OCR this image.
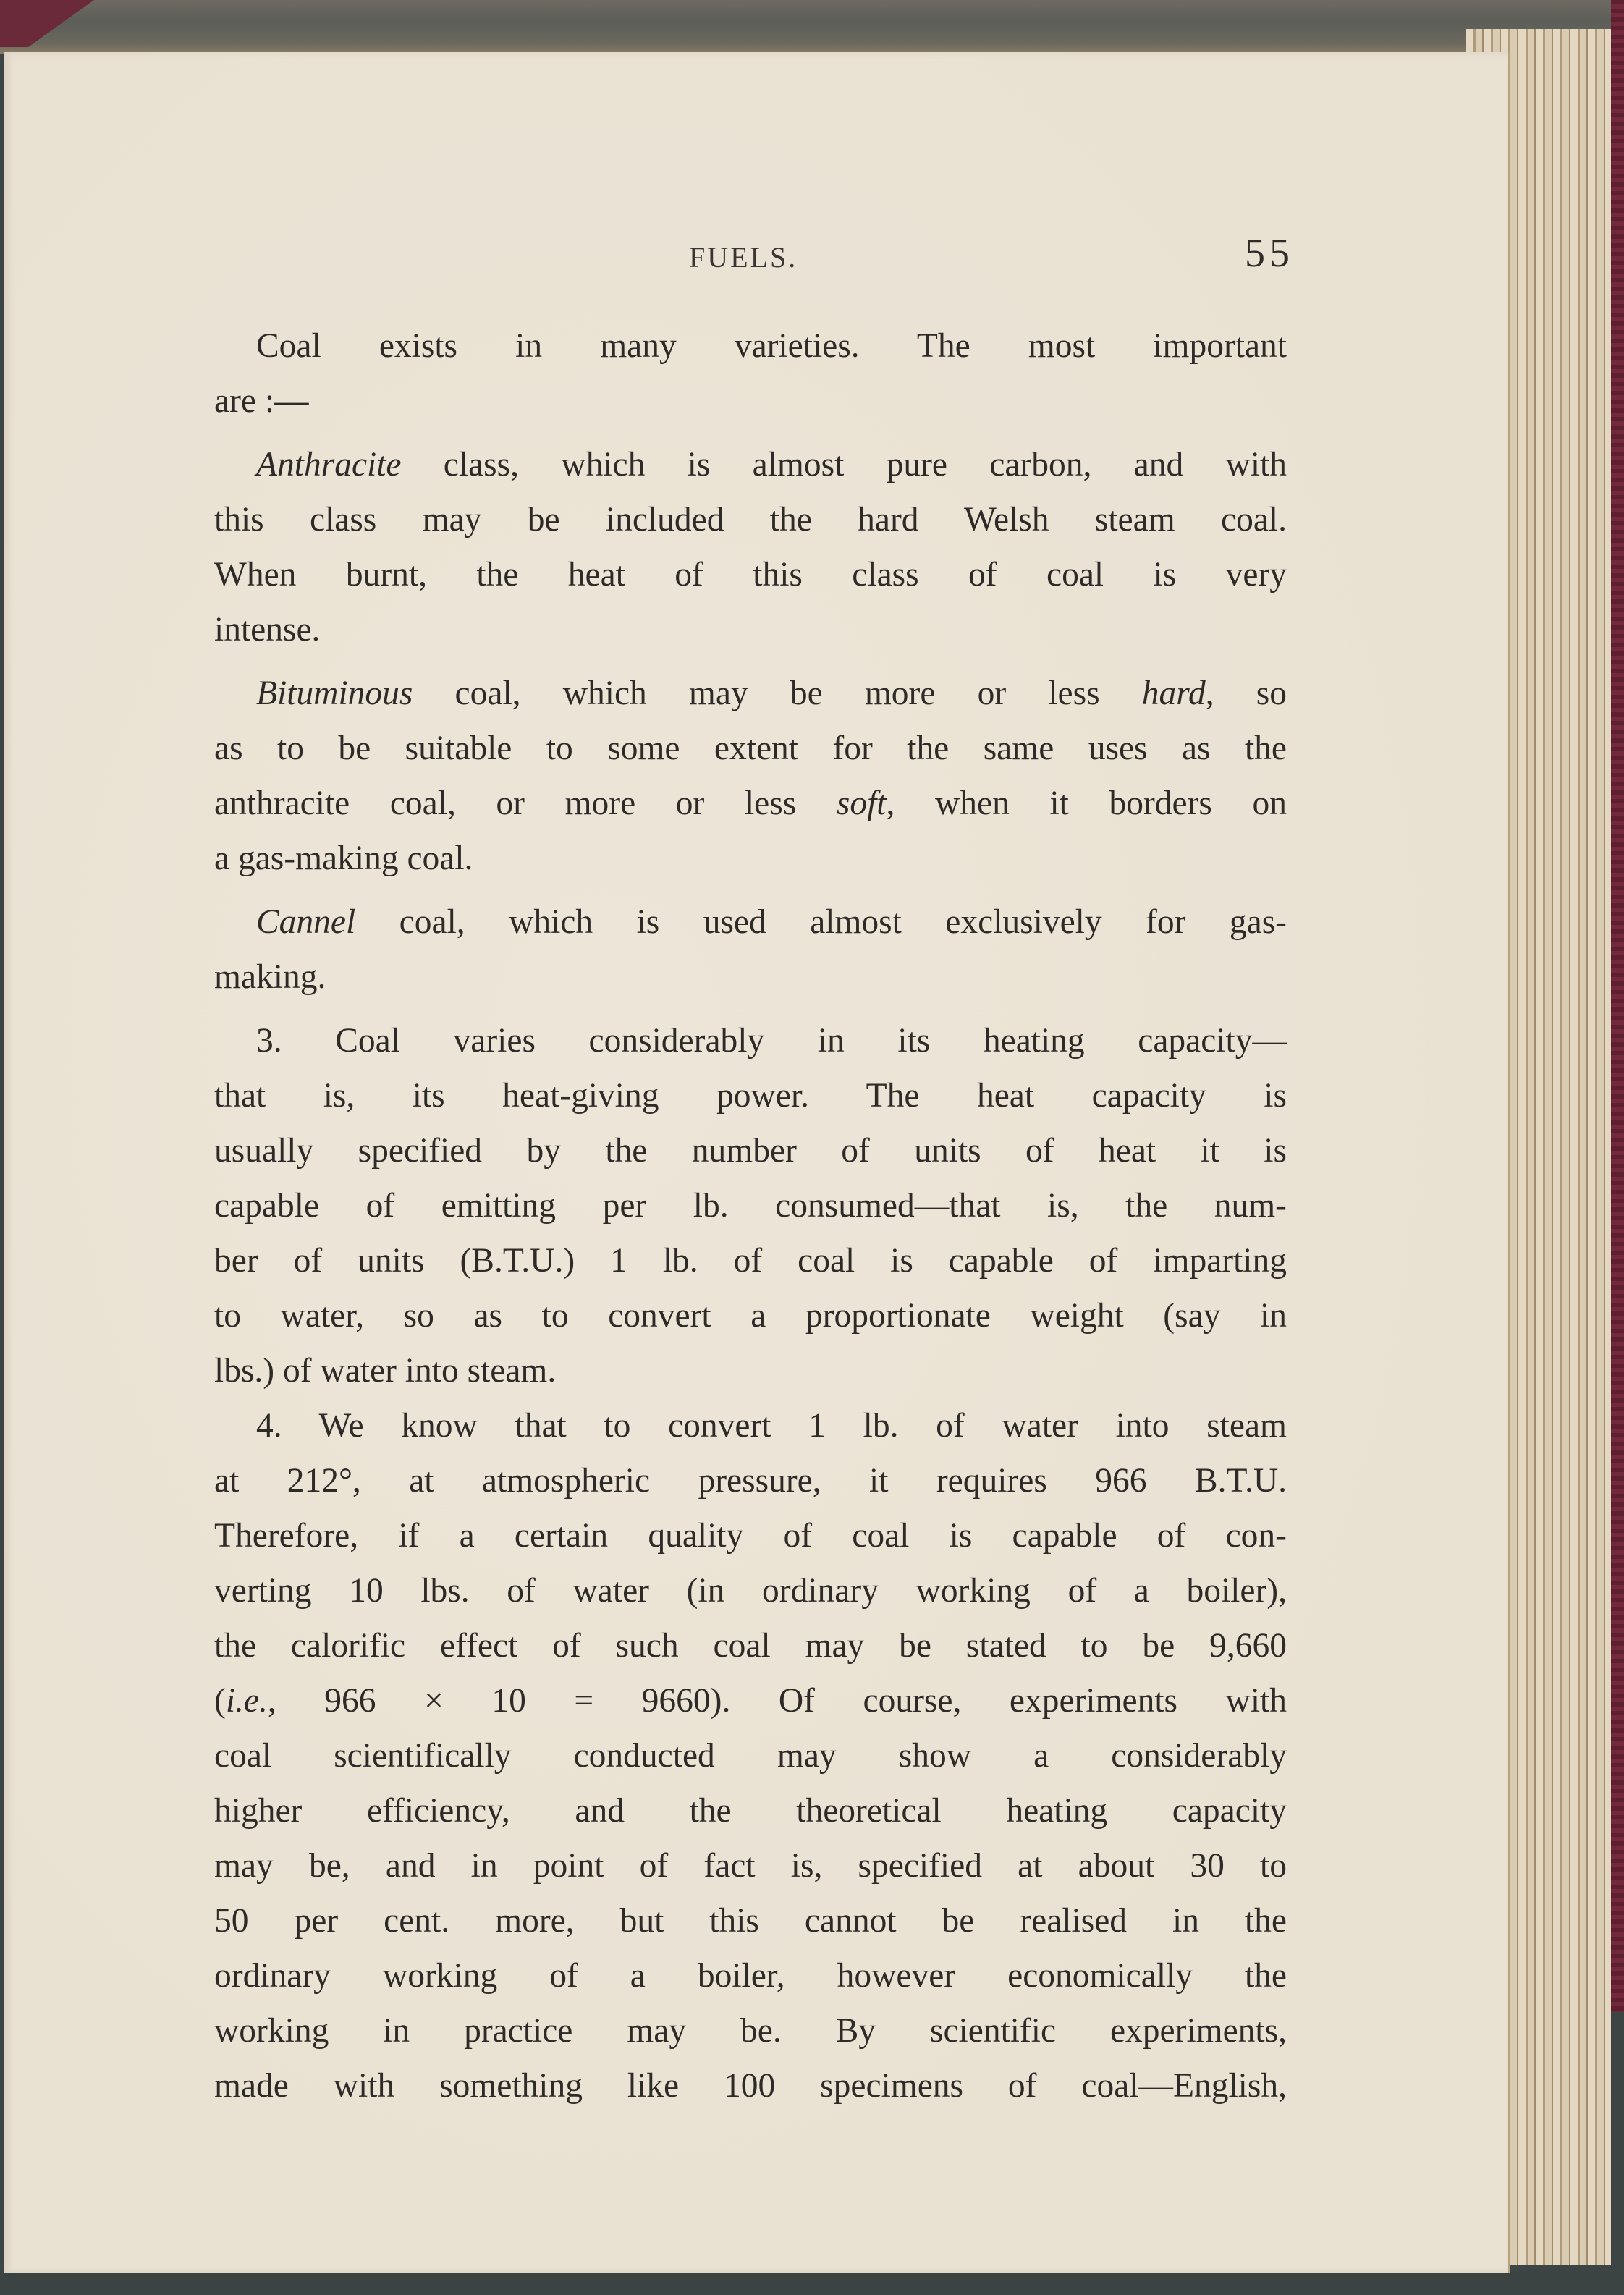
FUELS.	55
Coal exists in many varieties. The most important
are :—
Anthracite class, which is almost pure carbon, and with
this class may be included the hard Welsh steam coal.
When burnt, the heat of this class of coal is very
intense.
Bituminous coal, which may be more or less hard, so
as to be suitable to some extent for the same uses as the
anthracite coal, or more or less soft, when it borders on
a gas-making coal.
Cannel coal, which is used almost exclusively for gas-
making.
3. Coal varies considerably in its heating capacity—
that is, its heat-giving power. The heat capacity is
usually specified by the number of units of heat it is
capable of emitting per lb. consumed—that is, the num-
ber of units (B.T.U.) 1 lb. of coal is capable of imparting
to water, so as to convert a proportionate weight (say in
lbs.) of water into steam.
4. We know that to convert 1 lb. of water into steam
at 212°, at atmospheric pressure, it requires 966 B.T.U.
Therefore, if a certain quality of coal is capable of con-
verting 10 lbs. of water (in ordinary working of a boiler),
the calorific effect of such coal may be stated to be 9,660
(i.e., 966 × 10 = 9660). Of course, experiments with
coal scientifically conducted may show a considerably
higher efficiency, and the theoretical heating capacity
may be, and in point of fact is, specified at about 30 to
50 per cent. more, but this cannot be realised in the
ordinary working of a boiler, however economically the
working in practice may be. By scientific experiments,
made with something like 100 specimens of coal—English,
